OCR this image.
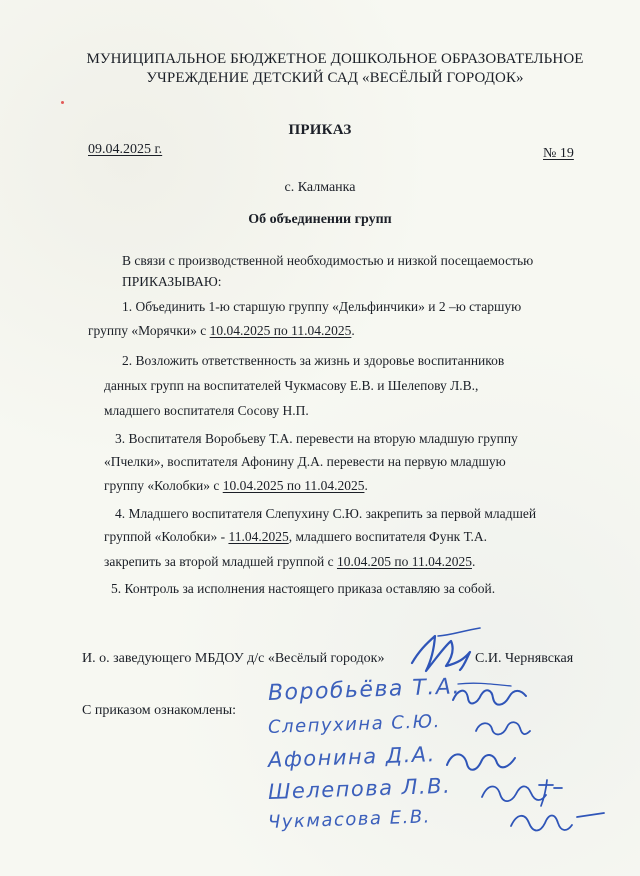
МУНИЦИПАЛЬНОЕ БЮДЖЕТНОЕ ДОШКОЛЬНОЕ ОБРАЗОВАТЕЛЬНОЕ
УЧРЕЖДЕНИЕ ДЕТСКИЙ САД «ВЕСЁЛЫЙ ГОРОДОК»
ПРИКАЗ
09.04.2025 г.	№ 19
с. Калманка
Об объединении групп
В связи с производственной необходимостью и низкой посещаемостью
ПРИКАЗЫВАЮ:
1. Объединить 1-ю старшую группу «Дельфинчики» и 2 –ю старшую
группу «Морячки» с 10.04.2025 по 11.04.2025.
2. Возложить ответственность за жизнь и здоровье воспитанников
данных групп на воспитателей Чукмасову Е.В. и Шелепову Л.В.,
младшего воспитателя Сосову Н.П.
3. Воспитателя Воробьеву Т.А. перевести на вторую младшую группу
«Пчелки», воспитателя Афонину Д.А. перевести на первую младшую
группу «Колобки» с 10.04.2025 по 11.04.2025.
4. Младшего воспитателя Слепухину С.Ю. закрепить за первой младшей
группой «Колобки» - 11.04.2025, младшего воспитателя Функ Т.А.
закрепить за второй младшей группой с 10.04.205 по 11.04.2025.
5. Контроль за исполнения настоящего приказа оставляю за собой.
И. о. заведующего МБДОУ д/с «Весёлый городок»	С.И. Чернявская
С приказом ознакомлены:
Воробьёва Т.А.
Слепухина С.Ю.
Афонина Д.А.
Шелепова Л.В.
Чукмасова Е.В.
